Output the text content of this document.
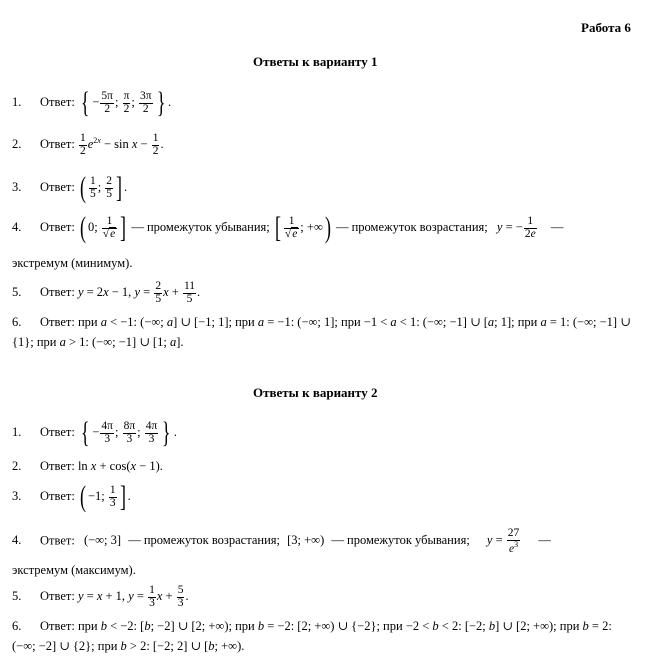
Работа 6
Ответы к варианту 1
1. Ответ: { − $\frac{5\pi}{2}$ ; $\frac{\pi}{2}$ ; $\frac{3\pi}{2}$ } .
2. Ответ: $\frac{1}{2} e^{2x} - \sin x - \frac{1}{2}$ .
3. Ответ: ( $\frac{1}{5}$ ; $\frac{2}{5}$ ] .
4. Ответ: ( 0; $\frac{1}{√e}$ ] — промежуток убывания; [ $\frac{1}{√e}$ ; +∞) — промежуток возрастания; y = − $\frac{1}{2e}$ —
экстремум (минимум).
5. Ответ: y = 2x − 1, $y = \frac{2}{5}$ $x + \frac{11}{5}$ .
6. Ответ: при a < −1: (−∞; a] ∪ [−1; 1]; при a = −1: (−∞; 1]; при −1 < a < 1: (−∞; −1] ∪ [a; 1]; при a = 1: (−∞; −1] ∪ {1}; при a > 1: (−∞; −1] ∪ [1; a].
Ответы к варианту 2
1. Ответ: { − $\frac{4\pi}{3}$ ; $\frac{8\pi}{3}$ ; $\frac{4\pi}{3}$ } .
2. Ответ: ln x + cos(x − 1).
3. Ответ: ( −1; $\frac{1}{3}$ ] .
4. Ответ: (−∞; 3] — промежуток возрастания; [3; +∞) — промежуток убывания; $y = \frac{27}{e^3}$ —
экстремум (максимум).
5. Ответ: y = x + 1, $y = \frac{1}{3}$ $x + \frac{5}{3}$ .
6. Ответ: при b < −2: [b; −2] ∪ [2; +∞); при b = −2: [2; +∞) ∪ {−2}; при −2 < b < 2: [−2; b] ∪ [2; +∞); при b = 2: (−∞; −2] ∪ {2}; при b > 2: [−2; 2] ∪ [b; +∞).
